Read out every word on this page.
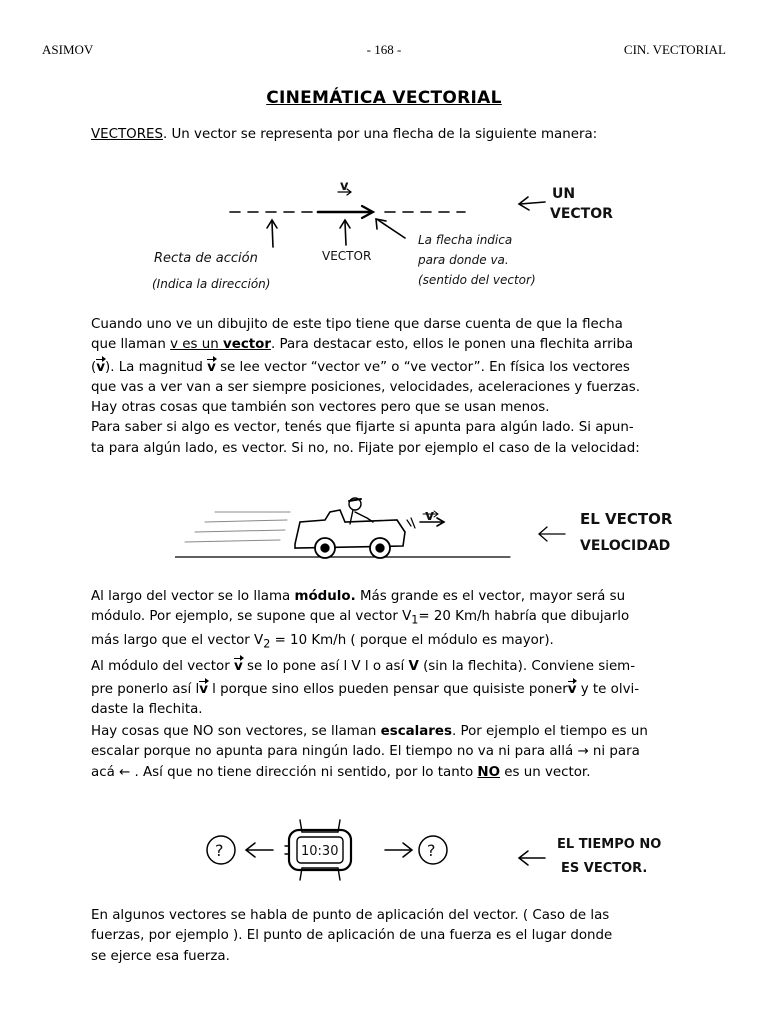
ASIMOV	- 168 -	CIN. VECTORIAL
CINEMÁTICA VECTORIAL

VECTORES. Un vector se representa por una flecha de la siguiente manera:

v	UN
VECTOR
Recta de acción
(Indica la dirección)
VECTOR
La flecha indica
para donde va.
(sentido del vector)

Cuando uno ve un dibujito de este tipo tiene que darse cuenta de que la flecha
que llaman v es un vector. Para destacar esto, ellos le ponen una flechita arriba
(v). La magnitud v se lee vector “vector ve” o “ve vector”. En física los vectores
que vas a ver van a ser siempre posiciones, velocidades, aceleraciones y fuerzas.
Hay otras cosas que también son vectores pero que se usan menos.
Para saber si algo es vector, tenés que fijarte si apunta para algún lado. Si apun-
ta para algún lado, es vector. Si no, no. Fijate por ejemplo el caso de la velocidad:

v	EL VECTOR
VELOCIDAD

Al largo del vector se lo llama módulo. Más grande es el vector, mayor será su
módulo. Por ejemplo, se supone que al vector $V_1= 20$ Km/h habría que dibujarlo
más largo que el vector $V_2 = 10$ Km/h ( porque el módulo es mayor).
Al módulo del vector v se lo pone así l V l o así V (sin la flechita). Conviene siem-
pre ponerlo así lv l porque sino ellos pueden pensar que quisiste ponerv y te olvi-
daste la flechita.

Hay cosas que NO son vectores, se llaman escalares. Por ejemplo el tiempo es un
escalar porque no apunta para ningún lado. El tiempo no va ni para allá → ni para
acá ← . Así que no tiene dirección ni sentido, por lo tanto NO es un vector.

?	?
10:30	EL TIEMPO NO
ES VECTOR.

En algunos vectores se habla de punto de aplicación del vector. ( Caso de las
fuerzas, por ejemplo ). El punto de aplicación de una fuerza es el lugar donde
se ejerce esa fuerza.
